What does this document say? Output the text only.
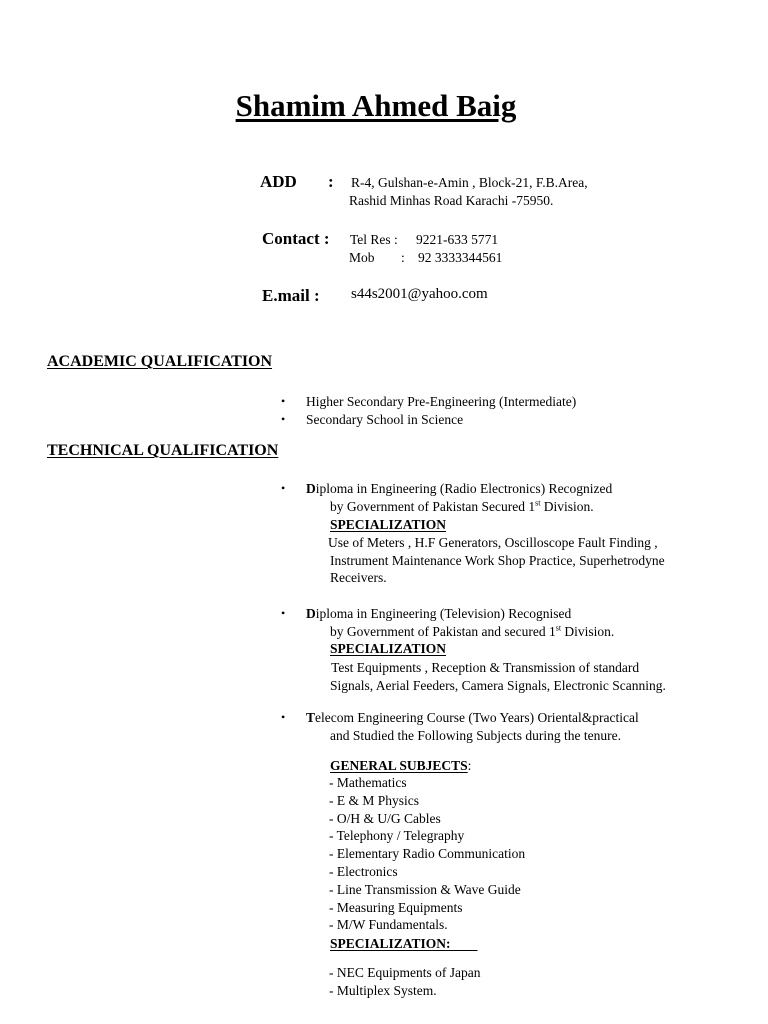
Shamim Ahmed Baig
ADD : R-4, Gulshan-e-Amin , Block-21, F.B.Area,
Rashid Minhas Road Karachi -75950.
Contact : Tel Res : 9221-633 5771
Mob : 92 3333344561
E.mail : s44s2001@yahoo.com
ACADEMIC QUALIFICATION
• Higher Secondary Pre-Engineering (Intermediate)
• Secondary School in Science
TECHNICAL QUALIFICATION
• Diploma in Engineering (Radio Electronics) Recognized
by Government of Pakistan Secured 1st Division.
SPECIALIZATION
Use of Meters , H.F Generators, Oscilloscope Fault Finding ,
Instrument Maintenance Work Shop Practice, Superhetrodyne
Receivers.
• Diploma in Engineering (Television) Recognised
by Government of Pakistan and secured 1st Division.
SPECIALIZATION
Test Equipments , Reception & Transmission of standard
Signals, Aerial Feeders, Camera Signals, Electronic Scanning.
• Telecom Engineering Course (Two Years) Oriental&practical
and Studied the Following Subjects during the tenure.
GENERAL SUBJECTS:
- Mathematics
- E & M Physics
- O/H & U/G Cables
- Telephony / Telegraphy
- Elementary Radio Communication
- Electronics
- Line Transmission & Wave Guide
- Measuring Equipments
- M/W Fundamentals.
SPECIALIZATION:
- NEC Equipments of Japan
- Multiplex System.
